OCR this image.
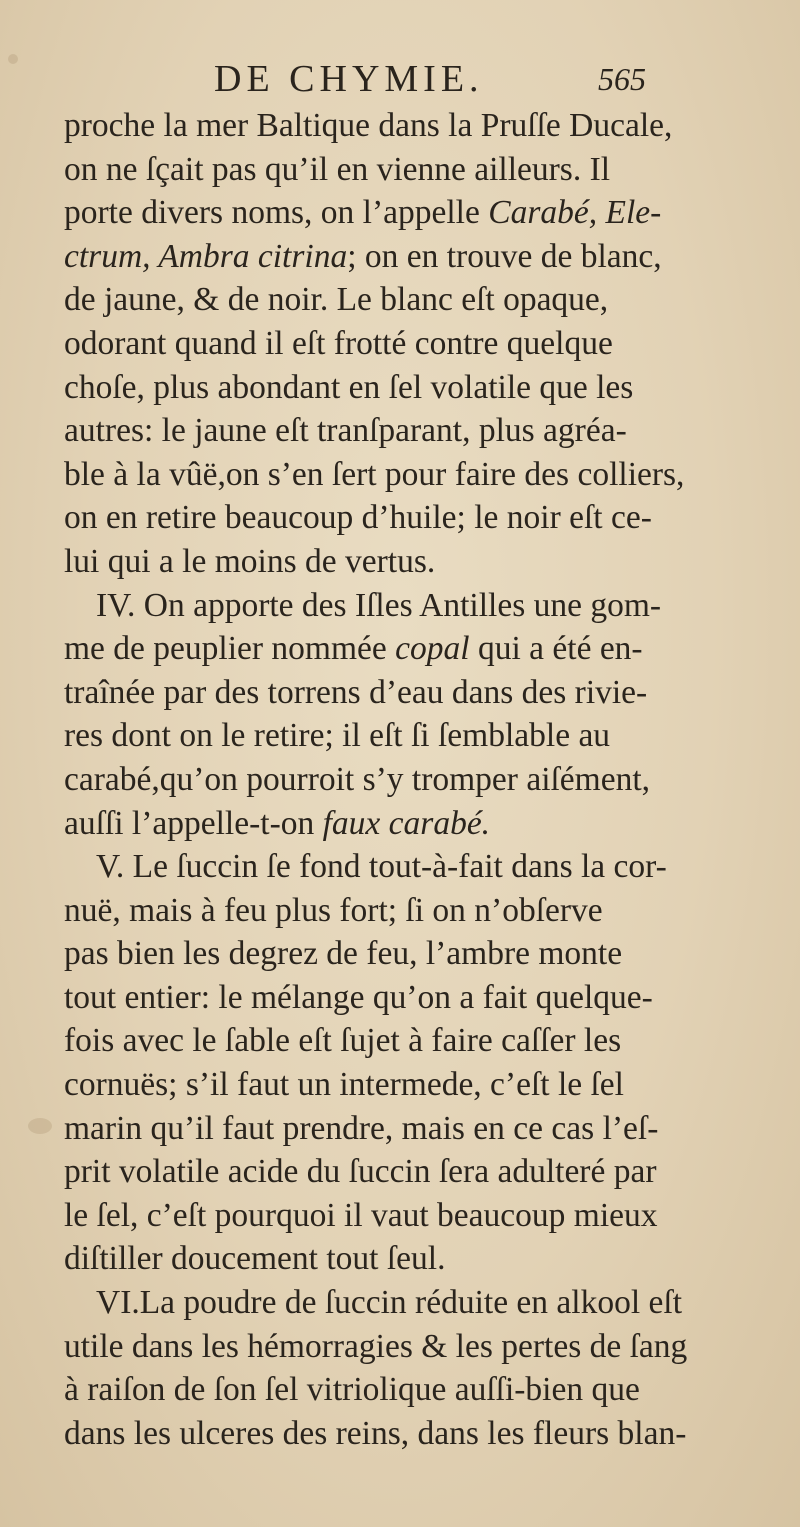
DE CHYMIE.	565
proche la mer Baltique dans la Pruſſe Ducale,
on ne ſçait pas qu’il en vienne ailleurs. Il
porte divers noms, on l’appelle Carabé, Ele-
ctrum, Ambra citrina; on en trouve de blanc,
de jaune, & de noir. Le blanc eſt opaque,
odorant quand il eſt frotté contre quelque
choſe, plus abondant en ſel volatile que les
autres: le jaune eſt tranſparant, plus agréa-
ble à la vûë,on s’en ſert pour faire des colliers,
on en retire beaucoup d’huile; le noir eſt ce-
lui qui a le moins de vertus.
IV. On apporte des Iſles Antilles une gom-
me de peuplier nommée copal qui a été en-
traînée par des torrens d’eau dans des rivie-
res dont on le retire; il eſt ſi ſemblable au
carabé,qu’on pourroit s’y tromper aiſément,
auſſi l’appelle-t-on faux carabé.
V. Le ſuccin ſe fond tout-à-fait dans la cor-
nuë, mais à feu plus fort; ſi on n’obſerve
pas bien les degrez de feu, l’ambre monte
tout entier: le mélange qu’on a fait quelque-
fois avec le ſable eſt ſujet à faire caſſer les
cornuës; s’il faut un intermede, c’eſt le ſel
marin qu’il faut prendre, mais en ce cas l’eſ-
prit volatile acide du ſuccin ſera adulteré par
le ſel, c’eſt pourquoi il vaut beaucoup mieux
diſtiller doucement tout ſeul.
VI.La poudre de ſuccin réduite en alkool eſt
utile dans les hémorragies & les pertes de ſang
à raiſon de ſon ſel vitriolique auſſi-bien que
dans les ulceres des reins, dans les fleurs blan-
